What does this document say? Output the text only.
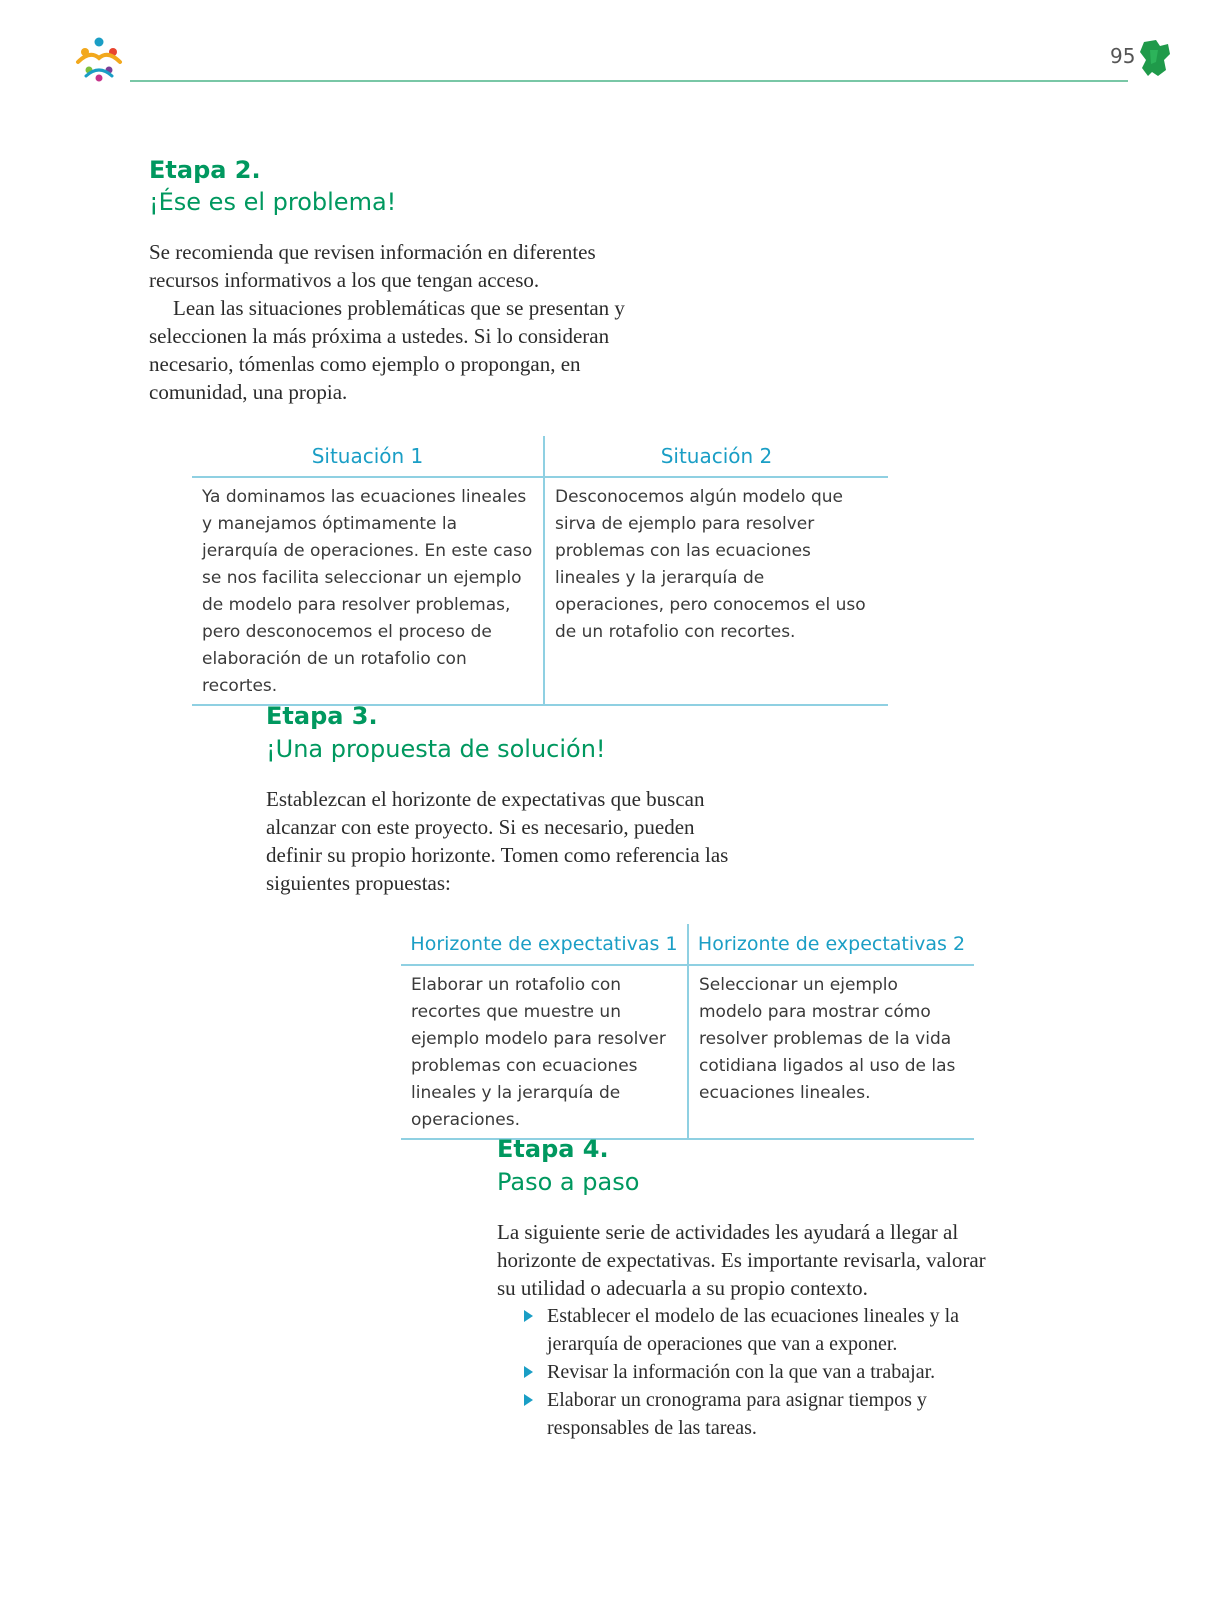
95
Etapa 2.
¡Ése es el problema!
Se recomienda que revisen información en diferentes recursos informativos a los que tengan acceso.
Lean las situaciones problemáticas que se presentan y seleccionen la más próxima a ustedes. Si lo consideran necesario, tómenlas como ejemplo o propongan, en comunidad, una propia.
Situación 1	Situación 2
Ya dominamos las ecuaciones lineales y manejamos óptimamente la jerarquía de operaciones. En este caso se nos facilita seleccionar un ejemplo de modelo para resolver problemas, pero desconocemos el proceso de elaboración de un rotafolio con recortes.	Desconocemos algún modelo que sirva de ejemplo para resolver problemas con las ecuaciones lineales y la jerarquía de operaciones, pero conocemos el uso de un rotafolio con recortes.
Etapa 3.
¡Una propuesta de solución!
Establezcan el horizonte de expectativas que buscan alcanzar con este proyecto. Si es necesario, pueden definir su propio horizonte. Tomen como referencia las siguientes propuestas:
Horizonte de expectativas 1	Horizonte de expectativas 2
Elaborar un rotafolio con recortes que muestre un ejemplo modelo para resolver problemas con ecuaciones lineales y la jerarquía de operaciones.	Seleccionar un ejemplo modelo para mostrar cómo resolver problemas de la vida cotidiana ligados al uso de las ecuaciones lineales.
Etapa 4.
Paso a paso
La siguiente serie de actividades les ayudará a llegar al horizonte de expectativas. Es importante revisarla, valorar su utilidad o adecuarla a su propio contexto.
Establecer el modelo de las ecuaciones lineales y la jerarquía de operaciones que van a exponer.
Revisar la información con la que van a trabajar.
Elaborar un cronograma para asignar tiempos y responsables de las tareas.
